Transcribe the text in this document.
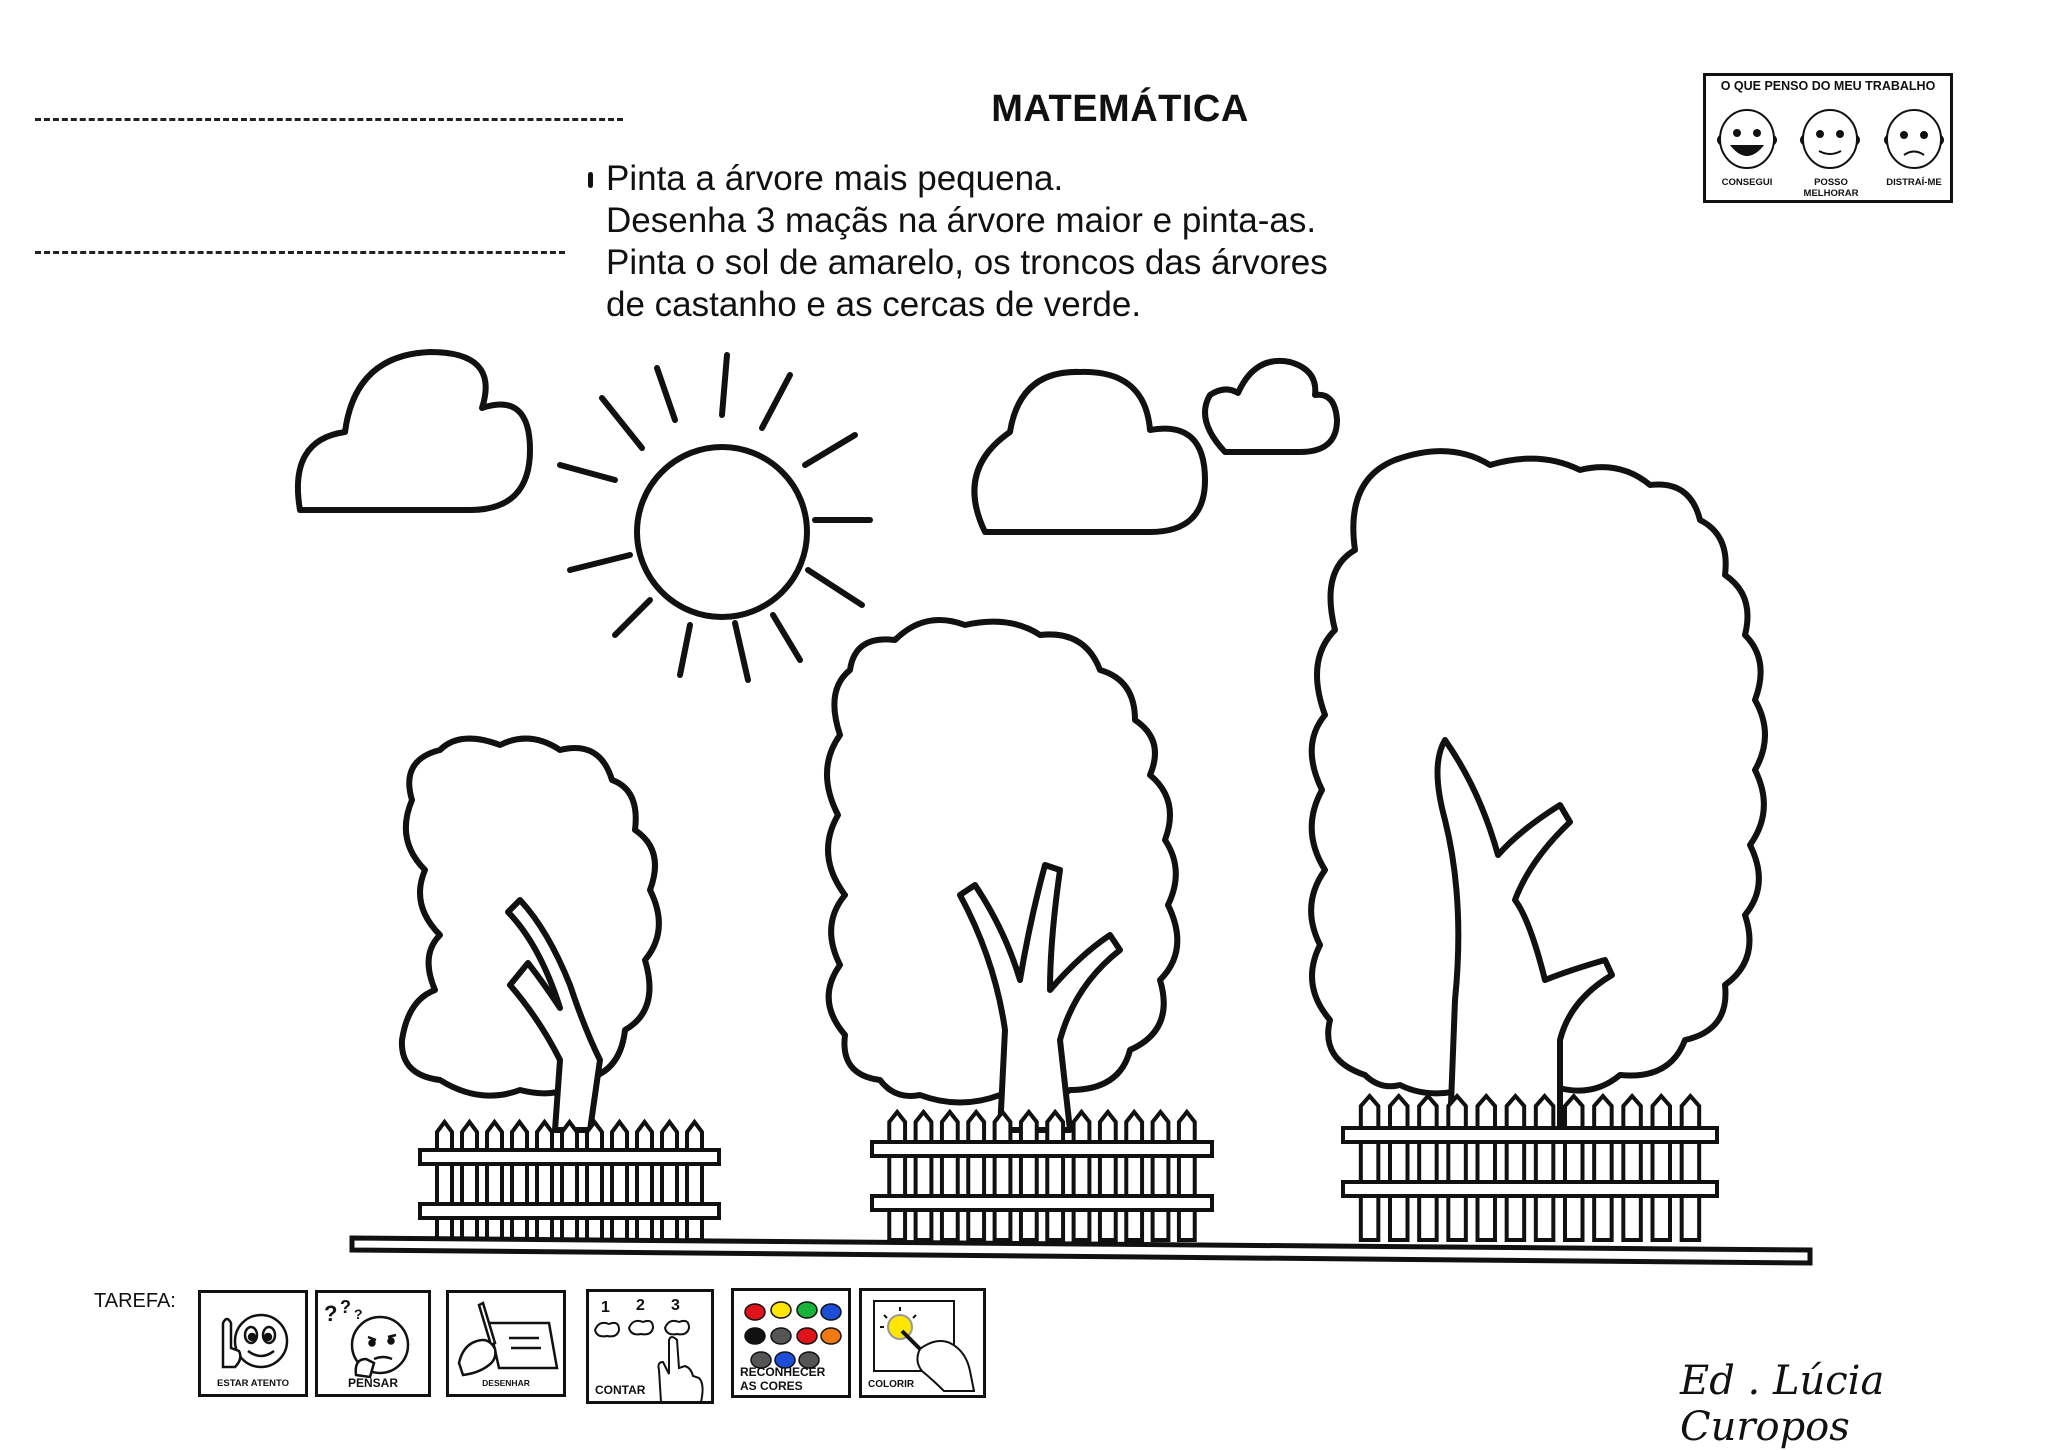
MATEMÁTICA
Pinta a árvore mais pequena.
Desenha 3 maçãs na árvore maior e pinta-as.
Pinta o sol de amarelo, os troncos das árvores
de castanho e as cercas de verde.
O QUE PENSO DO MEU TRABALHO
CONSEGUI	POSSO MELHORAR
DISTRAÍ-ME
TAREFA:
ESTAR ATENTO
? ? ?
PENSAR	DESENHAR
1 2 3
CONTAR
RECONHECER
AS CORES	COLORIR	Ed . Lúcia Curopos
